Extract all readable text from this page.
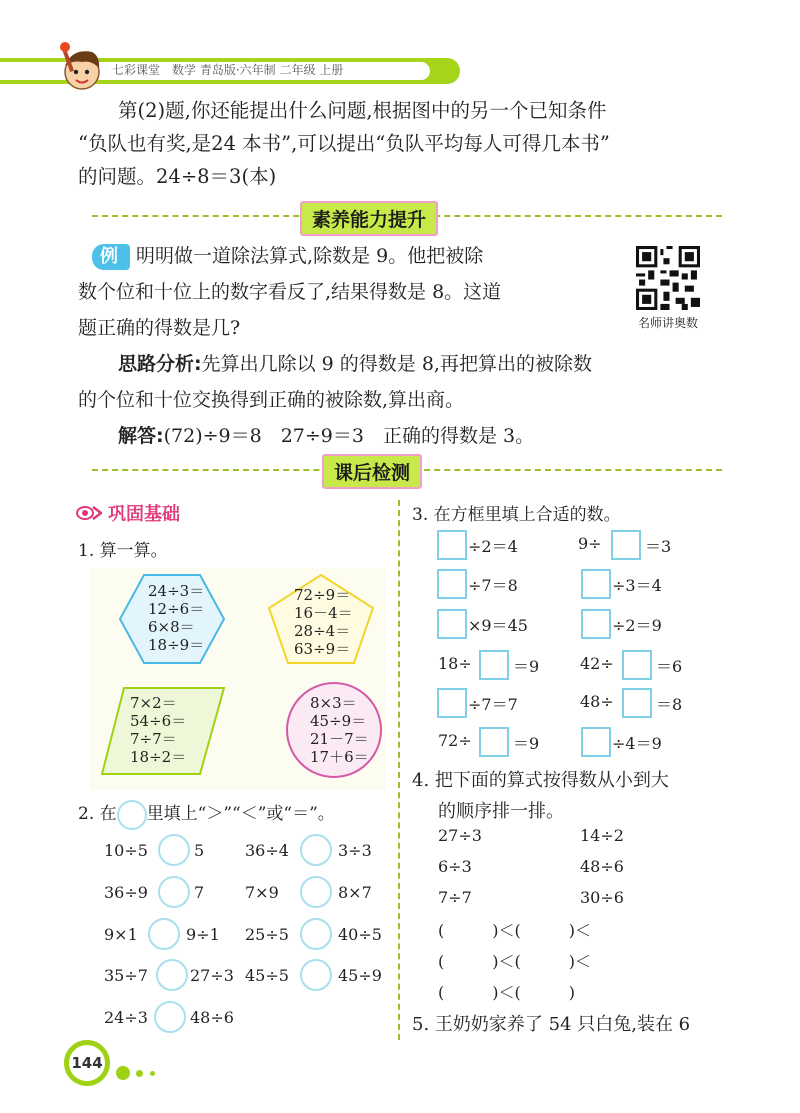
七彩课堂　数学 青岛版·六年制 二年级 上册

第(2)题,你还能提出什么问题,根据图中的另一个已知条件

“负队也有奖,是24 本书”,可以提出“负队平均每人可得几本书”

的问题。24÷8＝3(本)

素养能力提升

例 明明做一道除法算式,除数是 9。他把被除

数个位和十位上的数字看反了,结果得数是 8。这道

题正确的得数是几?	名师讲奥数

思路分析:先算出几除以 9 的得数是 8,再把算出的被除数

的个位和十位交换得到正确的被除数,算出商。

解答:(72)÷9＝8　27÷9＝3　正确的得数是 3。

课后检测
巩固基础
1. 算一算。
24÷3＝
12÷6＝
6×8＝
18÷9＝
72÷9＝
16－4＝
28÷4＝
63÷9＝
7×2＝
54÷6＝
7÷7＝
18÷2＝
8×3＝
45÷9＝
21－7＝
17＋6＝
2. 在 里填上“＞”“＜”或“＝”。
10÷5	5	36÷4	3÷3
36÷9	7	7×9	8×7
9×1	9÷1 25÷5	40÷5
35÷7	27÷3 45÷5	45÷9
24÷3	48÷6
3. 在方框里填上合适的数。
÷2＝4	9÷	＝3
÷7＝8	÷3＝4
×9＝45	÷2＝9
18÷	＝9	42÷	＝6
÷7＝7	48÷	＝8
72÷	＝9	÷4＝9
4. 把下面的算式按得数从小到大
的顺序排一排。
27÷3	14÷2
6÷3	48÷6
7÷7	30÷6
(　　　)＜(　　　)＜
(　　　)＜(　　　)＜
(　　　)＜(　　　)
5. 王奶奶家养了 54 只白兔,装在 6
144
